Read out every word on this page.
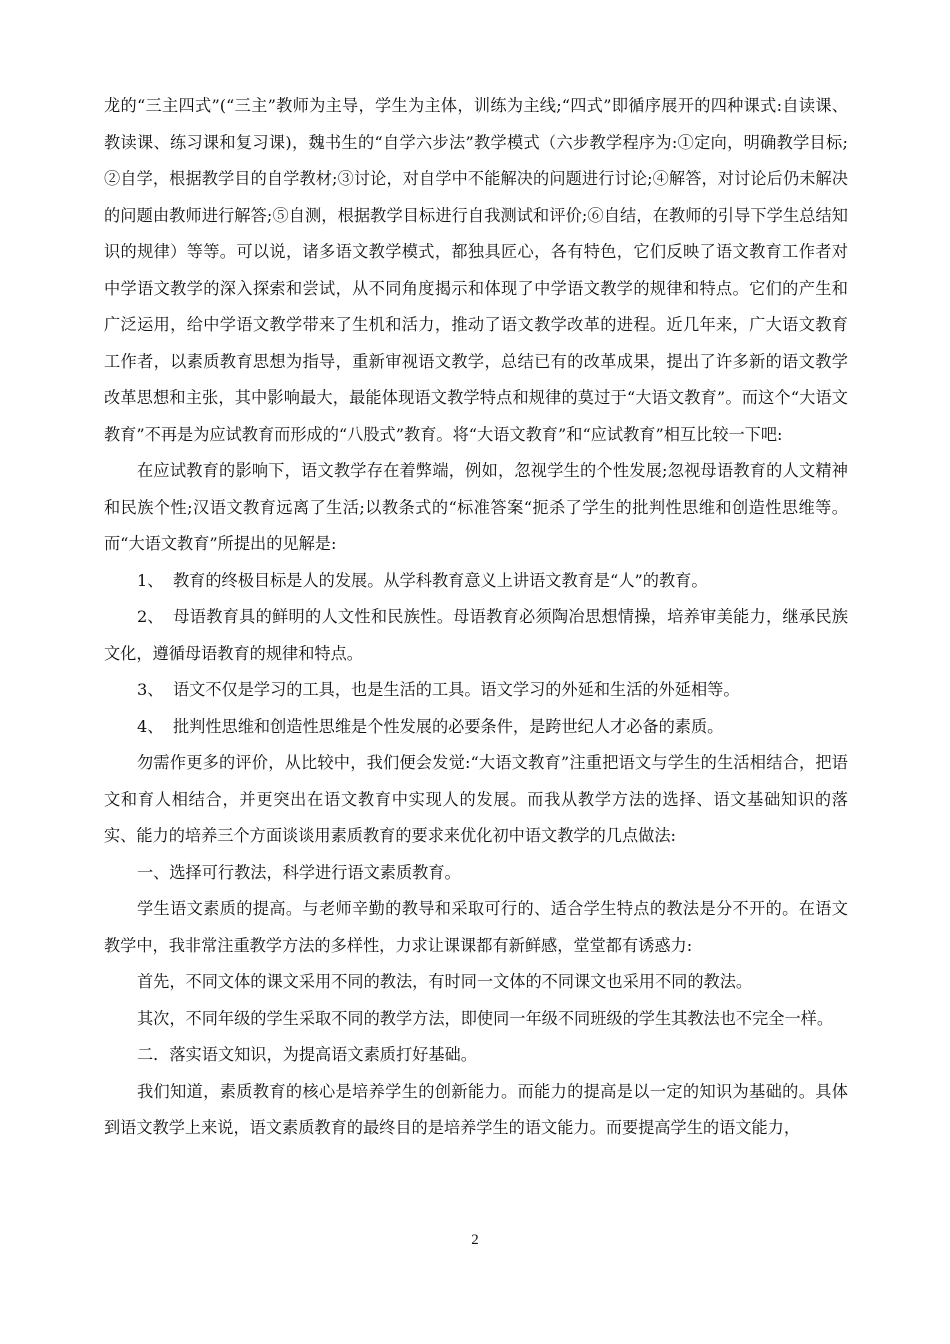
龙的“三主四式”(“三主”教师为主导，学生为主体，训练为主线;“四式”即循序展开的四种课式:自读课、教读课、练习课和复习课)，魏书生的“自学六步法”教学模式（六步教学程序为:①定向，明确教学目标;②自学，根据教学目的自学教材;③讨论，对自学中不能解决的问题进行讨论;④解答，对讨论后仍未解决的问题由教师进行解答;⑤自测，根据教学目标进行自我测试和评价;⑥自结，在教师的引导下学生总结知识的规律）等等。可以说，诸多语文教学模式，都独具匠心，各有特色，它们反映了语文教育工作者对中学语文教学的深入探索和尝试，从不同角度揭示和体现了中学语文教学的规律和特点。它们的产生和广泛运用，给中学语文教学带来了生机和活力，推动了语文教学改革的进程。近几年来，广大语文教育工作者，以素质教育思想为指导，重新审视语文教学，总结已有的改革成果，提出了许多新的语文教学改革思想和主张，其中影响最大，最能体现语文教学特点和规律的莫过于“大语文教育”。而这个“大语文教育”不再是为应试教育而形成的“八股式”教育。将“大语文教育”和“应试教育”相互比较一下吧:

在应试教育的影响下，语文教学存在着弊端，例如，忽视学生的个性发展;忽视母语教育的人文精神和民族个性;汉语文教育远离了生活;以教条式的“标准答案“扼杀了学生的批判性思维和创造性思维等。而“大语文教育”所提出的见解是:

1、 教育的终极目标是人的发展。从学科教育意义上讲语文教育是“人”的教育。

2、 母语教育具的鲜明的人文性和民族性。母语教育必须陶冶思想情操，培养审美能力，继承民族文化，遵循母语教育的规律和特点。

3、 语文不仅是学习的工具，也是生活的工具。语文学习的外延和生活的外延相等。

4、 批判性思维和创造性思维是个性发展的必要条件，是跨世纪人才必备的素质。

勿需作更多的评价，从比较中，我们便会发觉:“大语文教育”注重把语文与学生的生活相结合，把语文和育人相结合，并更突出在语文教育中实现人的发展。而我从教学方法的选择、语文基础知识的落实、能力的培养三个方面谈谈用素质教育的要求来优化初中语文教学的几点做法:

一、选择可行教法，科学进行语文素质教育。

学生语文素质的提高。与老师辛勤的教导和采取可行的、适合学生特点的教法是分不开的。在语文教学中，我非常注重教学方法的多样性，力求让课课都有新鲜感，堂堂都有诱惑力:

首先，不同文体的课文采用不同的教法，有时同一文体的不同课文也采用不同的教法。

其次，不同年级的学生采取不同的教学方法，即使同一年级不同班级的学生其教法也不完全一样。

二．落实语文知识，为提高语文素质打好基础。

我们知道，素质教育的核心是培养学生的创新能力。而能力的提高是以一定的知识为基础的。具体到语文教学上来说，语文素质教育的最终目的是培养学生的语文能力。而要提高学生的语文能力，

2
